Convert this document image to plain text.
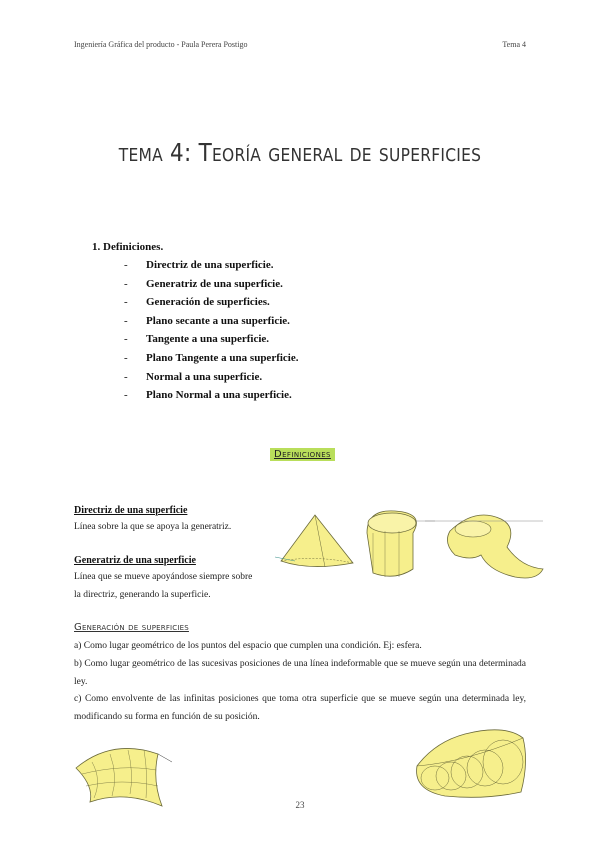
Ingeniería Gráfica del producto - Paula Perera Postigo	Tema 4
tema 4: Teoría general de superficies
1. Definiciones.
- Directriz de una superficie.
- Generatriz de una superficie.
- Generación de superficies.
- Plano secante a una superficie.
- Tangente a una superficie.
- Plano Tangente a una superficie.
- Normal a una superficie.
- Plano Normal a una superficie.
Definiciones
Directriz de una superficie
Línea sobre la que se apoya la generatriz.
Generatriz de una superficie
Línea que se mueve apoyándose siempre sobre
la directriz, generando la superficie.
Generación de superficies
a) Como lugar geométrico de los puntos del espacio que cumplen una condición. Ej: esfera.
b) Como lugar geométrico de las sucesivas posiciones de una línea indeformable que se mueve según una determinada ley.
c) Como envolvente de las infinitas posiciones que toma otra superficie que se mueve según una determinada ley, modificando su forma en función de su posición.
23
